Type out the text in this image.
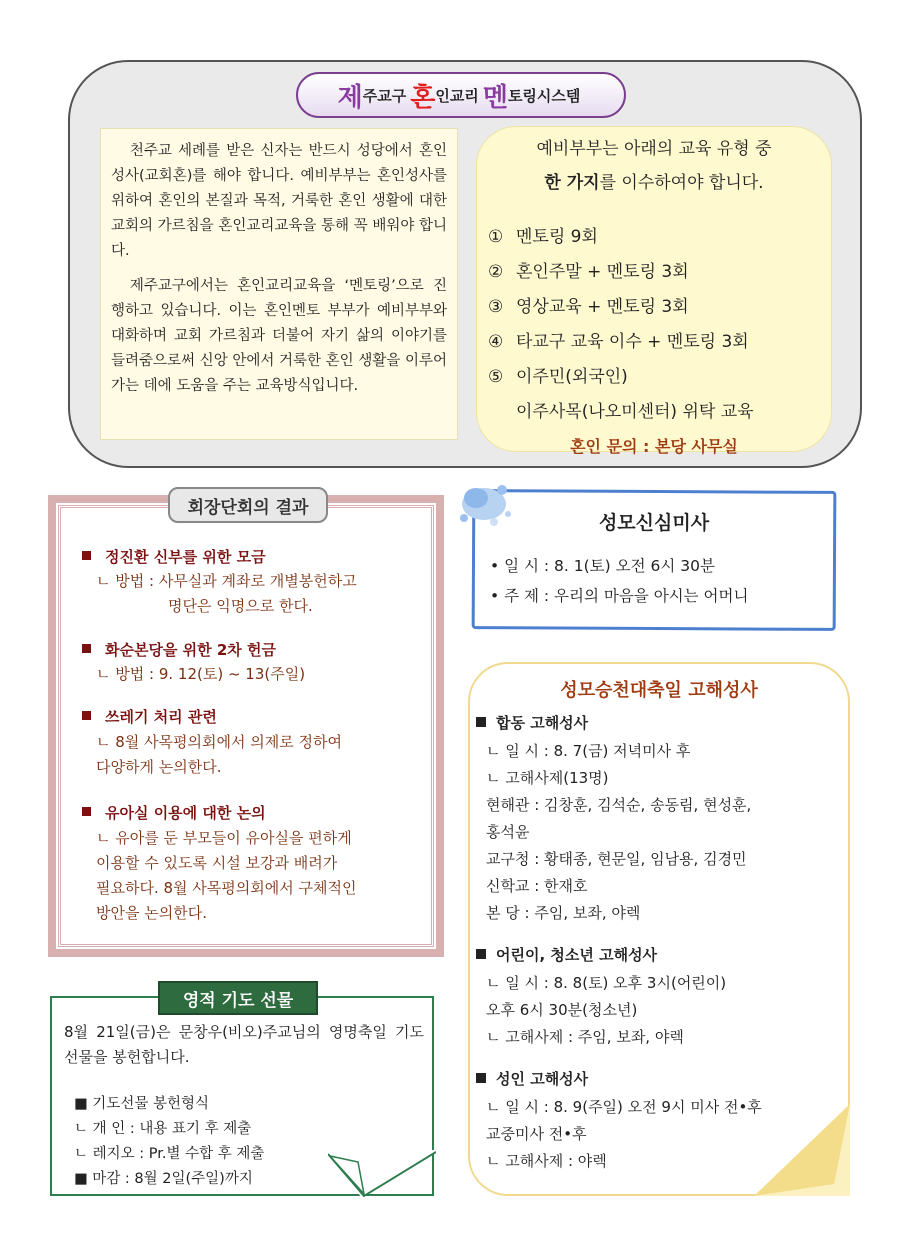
제 주교구 혼 인교리 멘 토링시스템

천주교 세례를 받은 신자는 반드시 성당에서 혼인성사(교회혼)를 해야 합니다. 예비부부는 혼인성사를 위하여 혼인의 본질과 목적, 거룩한 혼인 생활에 대한 교회의 가르침을 혼인교리교육을 통해 꼭 배워야 합니다.

제주교구에서는 혼인교리교육을 ‘멘토링’으로 진행하고 있습니다. 이는 혼인멘토 부부가 예비부부와 대화하며 교회 가르침과 더불어 자기 삶의 이야기를 들려줌으로써 신앙 안에서 거룩한 혼인 생활을 이루어가는 데에 도움을 주는 교육방식입니다.

예비부부는 아래의 교육 유형 중
한 가지를 이수하여야 합니다.
① 멘토링 9회
② 혼인주말 + 멘토링 3회
③ 영상교육 + 멘토링 3회
④ 타교구 교육 이수 + 멘토링 3회
⑤ 이주민(외국인)
이주사목(나오미센터) 위탁 교육
혼인 문의 : 본당 사무실
회장단회의 결과
정진환 신부를 위한 모금
ㄴ 방법 : 사무실과 계좌로 개별봉헌하고
명단은 익명으로 한다.
화순본당을 위한 2차 헌금
ㄴ 방법 : 9. 12(토) ~ 13(주일)
쓰레기 처리 관련
ㄴ 8월 사목평의회에서 의제로 정하여
다양하게 논의한다.
유아실 이용에 대한 논의
ㄴ 유아를 둔 부모들이 유아실을 편하게
이용할 수 있도록 시설 보강과 배려가
필요하다. 8월 사목평의회에서 구체적인
방안을 논의한다.
성모신심미사
• 일 시 : 8. 1(토) 오전 6시 30분
• 주 제 : 우리의 마음을 아시는 어머니
성모승천대축일 고해성사
합동 고해성사
ㄴ 일 시 : 8. 7(금) 저녁미사 후
ㄴ 고해사제(13명)
현해관 : 김창훈, 김석순, 송동림, 현성훈,
홍석윤
교구청 : 황태종, 현문일, 임남용, 김경민
신학교 : 한재호
본 당 : 주임, 보좌, 야렉
어린이, 청소년 고해성사
ㄴ 일 시 : 8. 8(토) 오후 3시(어린이)
오후 6시 30분(청소년)
ㄴ 고해사제 : 주임, 보좌, 야렉
성인 고해성사
ㄴ 일 시 : 8. 9(주일) 오전 9시 미사 전•후
교중미사 전•후
ㄴ 고해사제 : 야렉
영적 기도 선물
8월 21일(금)은 문창우(비오)주교님의 영명축일 기도선물을 봉헌합니다.
■ 기도선물 봉헌형식
ㄴ 개 인 : 내용 표기 후 제출
ㄴ 레지오 : Pr.별 수합 후 제출
■ 마감 : 8월 2일(주일)까지
